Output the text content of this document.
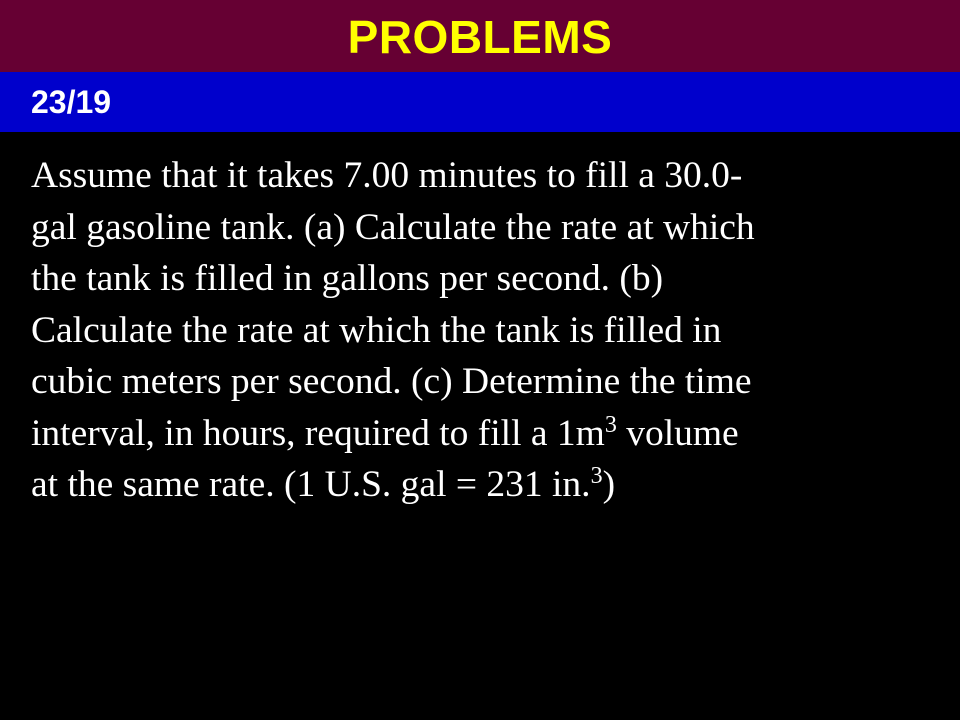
PROBLEMS
23/19
Assume that it takes 7.00 minutes to fill a 30.0-
gal gasoline tank. (a) Calculate the rate at which
the tank is filled in gallons per second. (b)
Calculate the rate at which the tank is filled in
cubic meters per second. (c) Determine the time
interval, in hours, required to fill a $1m^3$ volume
at the same rate. (1 U.S. gal = 231 in.$^3$)
